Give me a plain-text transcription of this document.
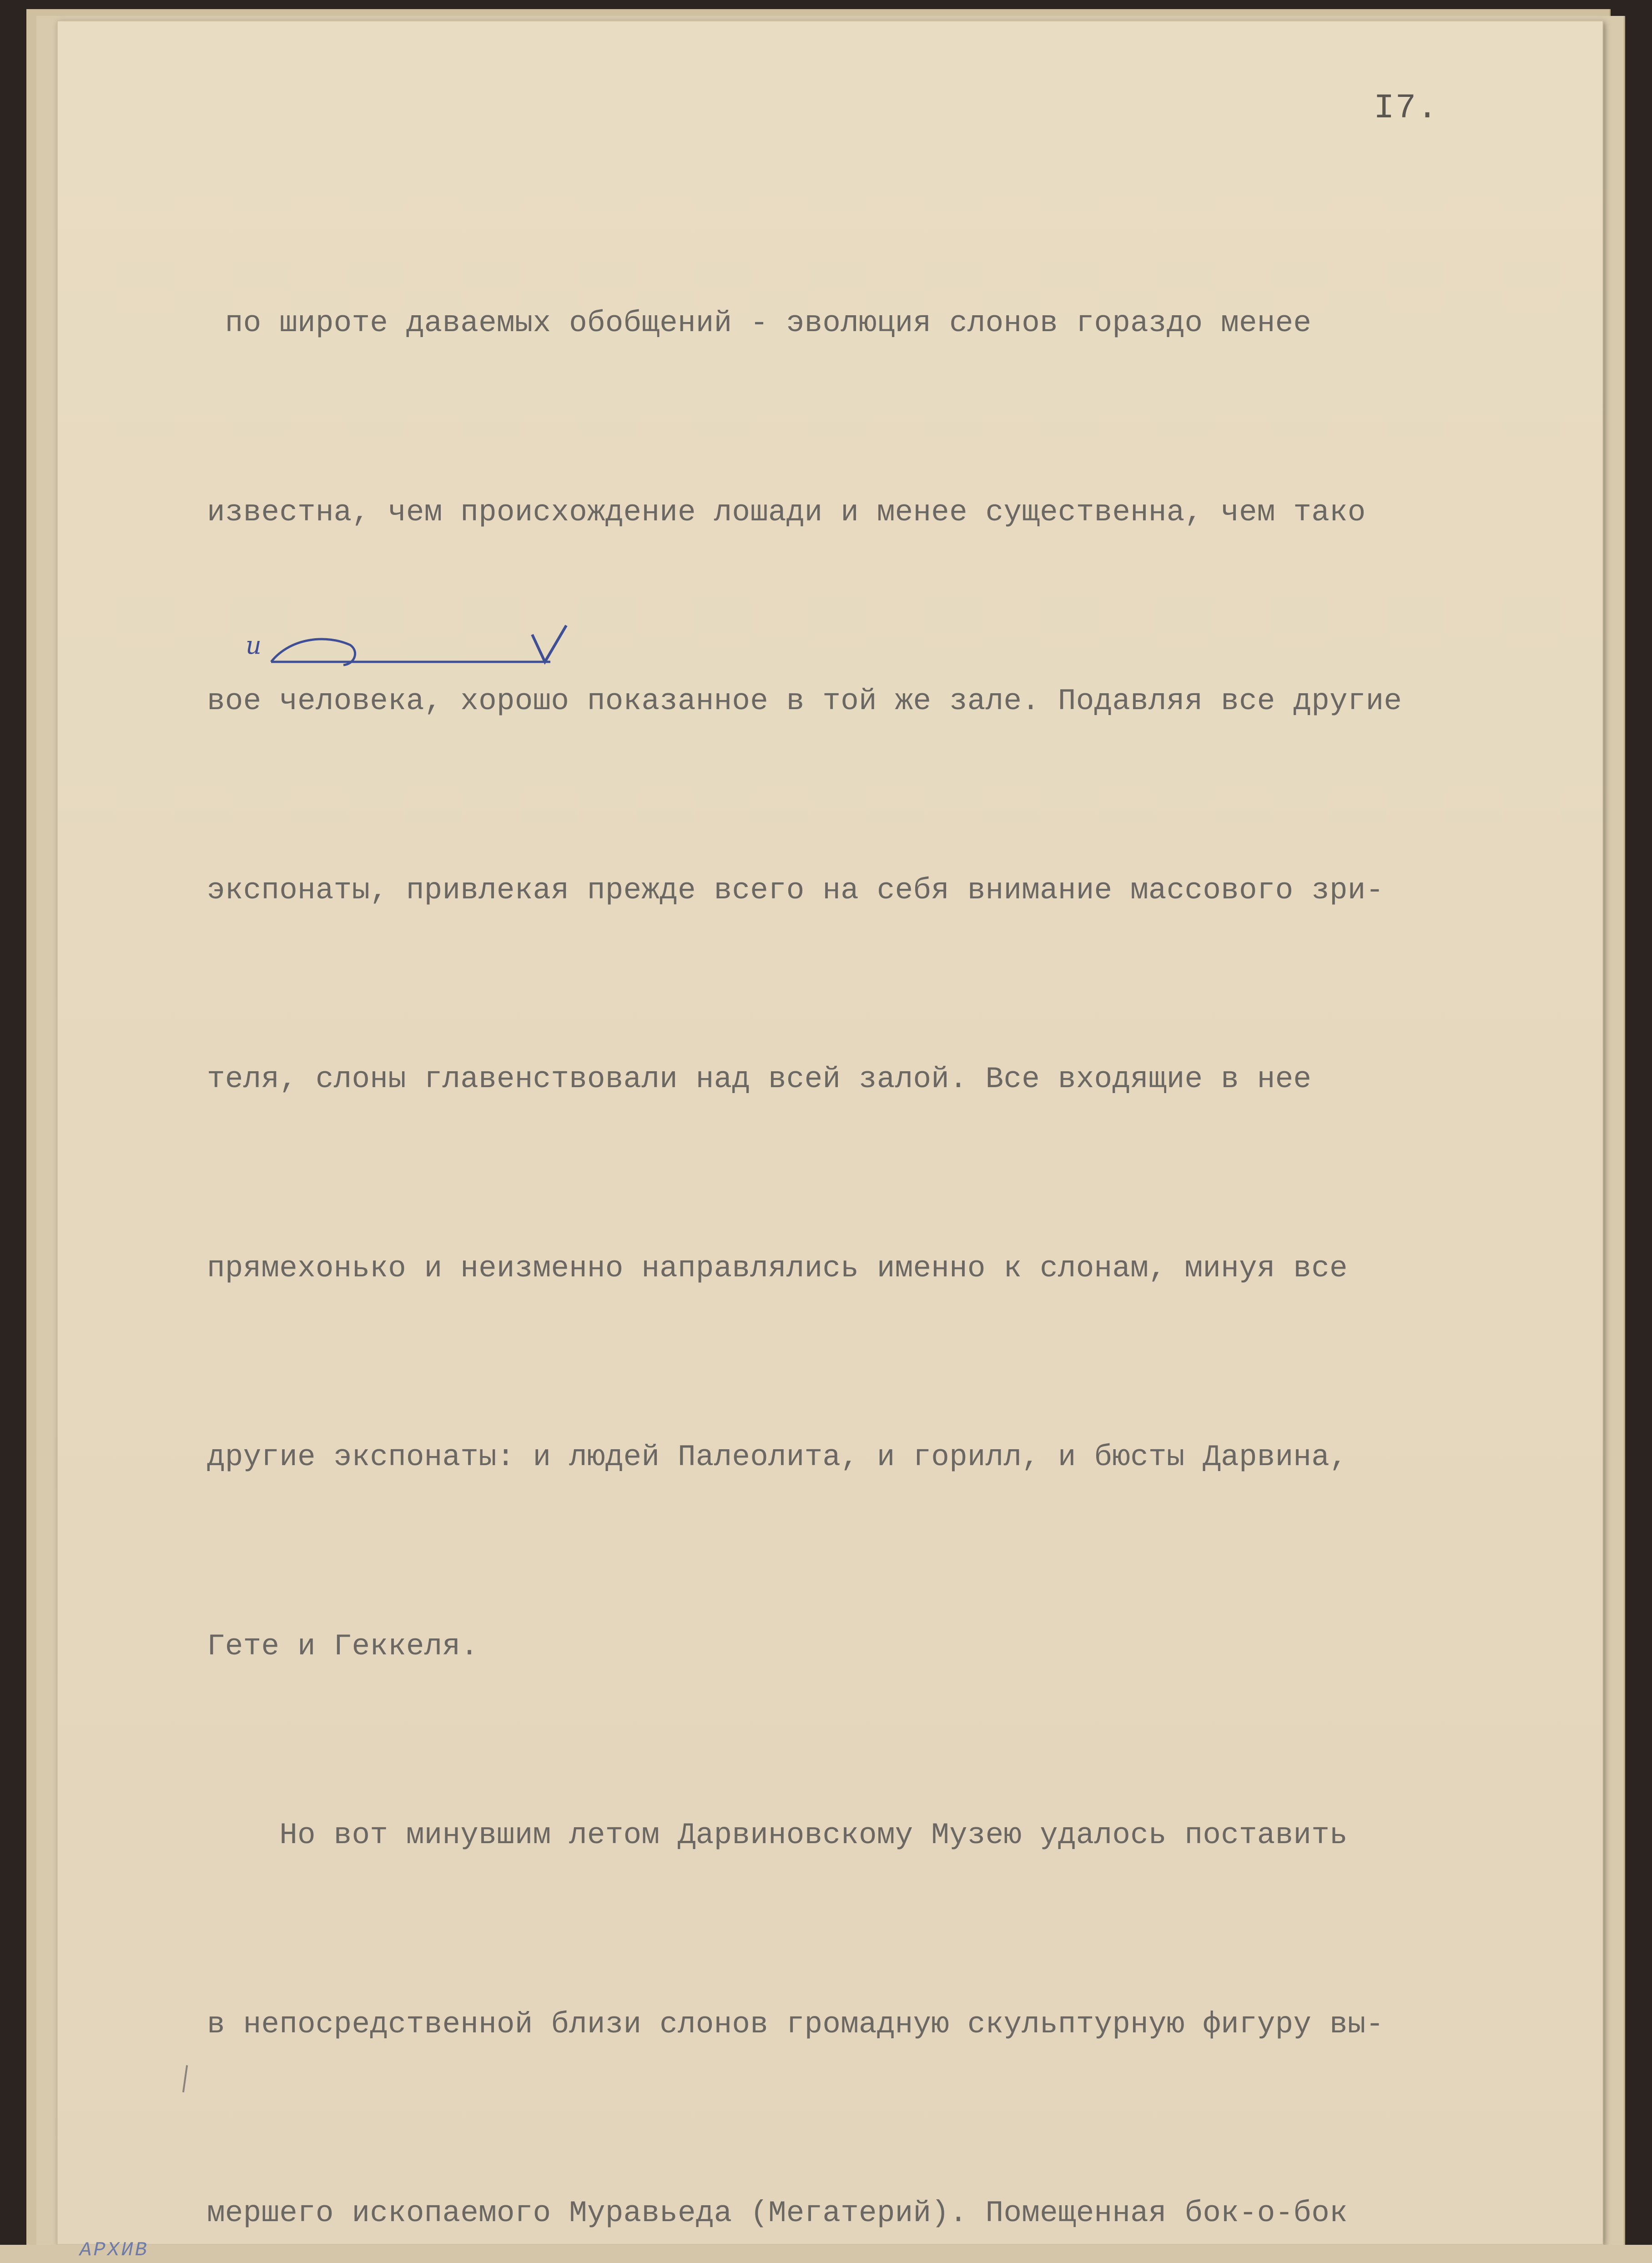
I7.

по широте даваемых обобщений - эволюция слонов гораздо менее

известна, чем происхождение лошади и менее существенна, чем тако

вое человека, хорошо показанное в той же зале. Подавляя все другие

экспонаты, привлекая прежде всего на себя внимание массового зри-

теля, слоны главенствовали над всей залой. Все входящие в нее

прямехонько и неизменно направлялись именно к слонам, минуя все

другие экспонаты: и людей Палеолита, и горилл, и бюсты Дарвина,

Гете и Геккеля.

Но вот минувшим летом Дарвиновскому Музею удалось поставить

в непосредственной близи слонов громадную скульптурную фигуру вы-

мершего ископаемого Муравьеда (Мегатерий). Помещенная бок-о-бок

и
АРХИВ
